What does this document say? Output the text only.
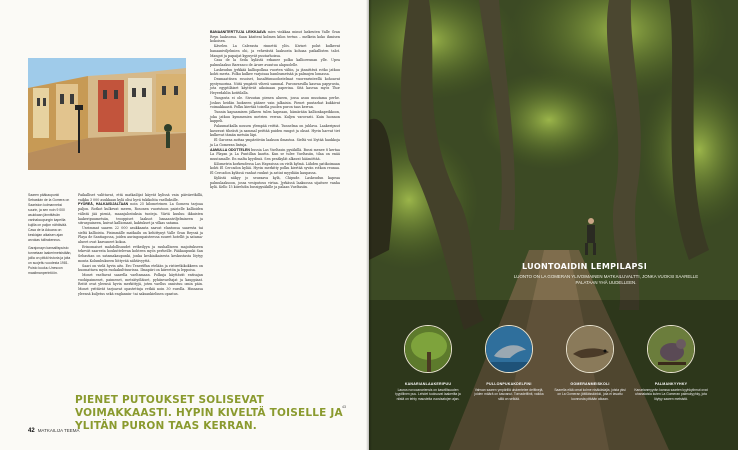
Saaren pääkaupunki Sebastián de la Gomera on Saariston kolmanneksi suurin, ja sen noin 9 000 asukkaan jännittävän vanhakaupungin kapeilla kujilla on paljon nähtävää. Casa de la Aduana on keskiajan aikaisen ajan arvokas tullirakennus.

Garajonayn kansallispuisto tunnetaan laakerimetsistään, joilla on pitkä historia ja joita on suojeltu vuodesta 1981. Puisto kuuluu Unescon maailmanperintöön.

Paikalliset valittavat, että matkailijat käyvät kylissä vain päiväretkillä, vaikka 3 000 asukkaan kylä olisi hyvä tukikohta vaelluksille.

PYÖREÄ, HALKAISIJALTAAN noin 25 kilometrinen La Gomera tarjoaa paljon. Rotkot kulkevat meren, Rosonen vuoristoon paistelle kallioiden välistä jää pieniä, maanjalostuksia tunteja. Värtä kuuluu ikkuisten laakeripuumetsän, trooppiset laaksot banaaniviljelmineen ja sitruspuineen, kuivat kalliomaat, kaktukset ja vilkas satama.

Useimmat saaren 22 000 asukkaasta saavat elantonsa saaresta tai sieltä kallioista. Pisimmälle matkailu on kehittynyt Valle Gran Reyssä ja Playa de Santiagossa, joiden auringonpaisteessa suuret hotellit ja satama-alueet ovat kasvaneet kokoa.

Erinomaiset mahdollisuudet retkeilyyn ja rauhalliseen majoitukseen tekevät saaresta houkuttelevan kohteen myös perheille. Pääkaupunki San Sebastian on satamakaupunki, jonka keskiaikaisesta keskustasta löytyy monta Kolumbukseen liittyvää nähtävyyttä.

Saari on vielä hyvin aito. Ero Teneriffan etelään ja ristiretkikokkeen on huomattava myös ruokakulttuurissa. Ilmapiiri on kiireetön ja leppoisa.

Monet vaeltavat saarella vaeltamaan. Polkuja käyttävät entisajan vuohipaimenet, paimenet, metsätyöläiset, pyhiinvaeltajat ja kauppiaat. Reitit ovat yleensä hyvin merkittyjä, joten vaellus onnistuu omin päin. Monet yrittävät tarjoavat opastettuja retkiä noin 30 eurolla. Hinnassa yleensä kuljetus sekä englannin- tai saksankielinen opastus.

BANAANITERTTUJA LEIKKAAVA mies vinkkaa minut laskeuten Valle Gran Reyn laaksossa. Saan käsiteni kolmen kilon tertun – melkein koko ihmisen kokoisen.

Kävelen La Calerasta rinnettä ylös. Kiviset polut kulkevat banaaniviljelmien ohi, ja vehreästä laaksosta kohoaa paikallisten talot. Mangot ja papaijat kypsyvät puutarhoissa.

Casa de la Seda kylästä erkanee polku kallioreunan ylle. Upea palmulaakso Barranco de Arure avautuu alapuolelle.

Laskeudun jyrkkää kalliopolkua vuorten väliin, ja jännittävä rotko jatkuu kohti merta. Polku kulkee varjoisaa bambumetsää ja palmujen lomassa.

Dramaattisen rosoiset, basalttimuodostelmat vuorenrinteellä kohoavat pystysuorina. Niitä ympäröi vihreä sammal. Puronvarsilla kasvaa papyrusta, jota egyptiläiset käyttivät aikoinaan paperina. Sitä kasvaa myös Thor Heyerdahlin kotitilalla.

Tungosta ei ole. Sivuutan pienen alueen, jossa asuu muutama perhe. Joskus heidän luokseen pääsee vain jalkaisin. Pienet puutarhat kukkivat voimakkaasti. Polku kiertää toisella puolen puron taas kerran.

Tunnin kapuamisen jälkeen tulen kapeaan, hämärään kallionkapeikkoon, joka jatkuu kymmenien metrien verran. Kuljen varovasti. Kuin luonnon kappeli.

Palaumatkalla nousen ylempää reittiä. Tunnelma on juhlava. Laakeripuut kasvavat tiheästi ja sammal peittää puiden rungot ja oksat. Hyvin harvat tiet kulkevat tämän metsän läpi.

El Garoesa auttaa ympäröivän laakson ilmastoa. Sieltä voi löytää haukkoja ja La Gomeran lintuja.

AAMULLA ODOTTELEN bussia Las Vueltasin pysäkillä. Bussi menee 8 kertaa La Playan ja La Puntillan kautta. Kun se tulee Vueltasiin, tilaa on enää muutamalle. En malta kyydissä. Sen pesäkylät alkavat häämöttää.

Kilometrin korkeudessa Las Hayasissa on vielä kylmä. Lähden patikoimaan kohti El Cercadon kylää. Hyvin merkitty polku kiertää syvän rotkon reunaa. El Cercadon kylässä vanhat ruukut ja astiat myydään kaupassa.

Kylästä näkyy jo seuraava kylä, Chipude. Laskeudun kapeaa palmulaaksoon, jossa vesiputous virtaa. Jyrkässä laaksossa sijaitsee vanha kylä. Kello 15 kiirehdin bussipysäkille ja palaan Vueltasiin.

PIENET PUTOUKSET SOLISEVAT VOIMAKKAASTI. HYPIN KIVELTÄ TOISELLE JA YLITÄN PURON TAAS KERRAN.
42 MATKAILIJA TEEMA
43
LUONTOAIDIN LEMPILAPSI
LUONTO ON LA GOMERAN YLIVOIMAINEN MATKAILUVALTTI, JONKA VUOKSI SAARELLE PALATAAN YHÄ UUDELLEEN.
KANARIANLAAKERIPUU
Laurus novocanariensis on kasvillisuuden tyypillinen puu. Lehdet tuoksuvat laakerilta ja niistä on tehty mausteita vuosisatojen ajan.
PULLONPUKAKDELFINI
Vahvan saaren ympärillä uiskentelee delfiinejä, joiden määrä on kasvanut. Tornadelfiinit, vaikka sillä on selkää.
GOMERANMEISKOLI
Saarella elää omat kolme nisäkäslajia, joista yksi on La Gomeran jättiläisskinkki, jota ei tavattu luonnosta pitkään aikaan.
PALMANKYYHKY
Kanarianmyyrän kanssa saarten kyyhkylinnut ovat uhanalaisia kuten La Gomeran palmukyyhky, jota löytyy saaren metsistä.
